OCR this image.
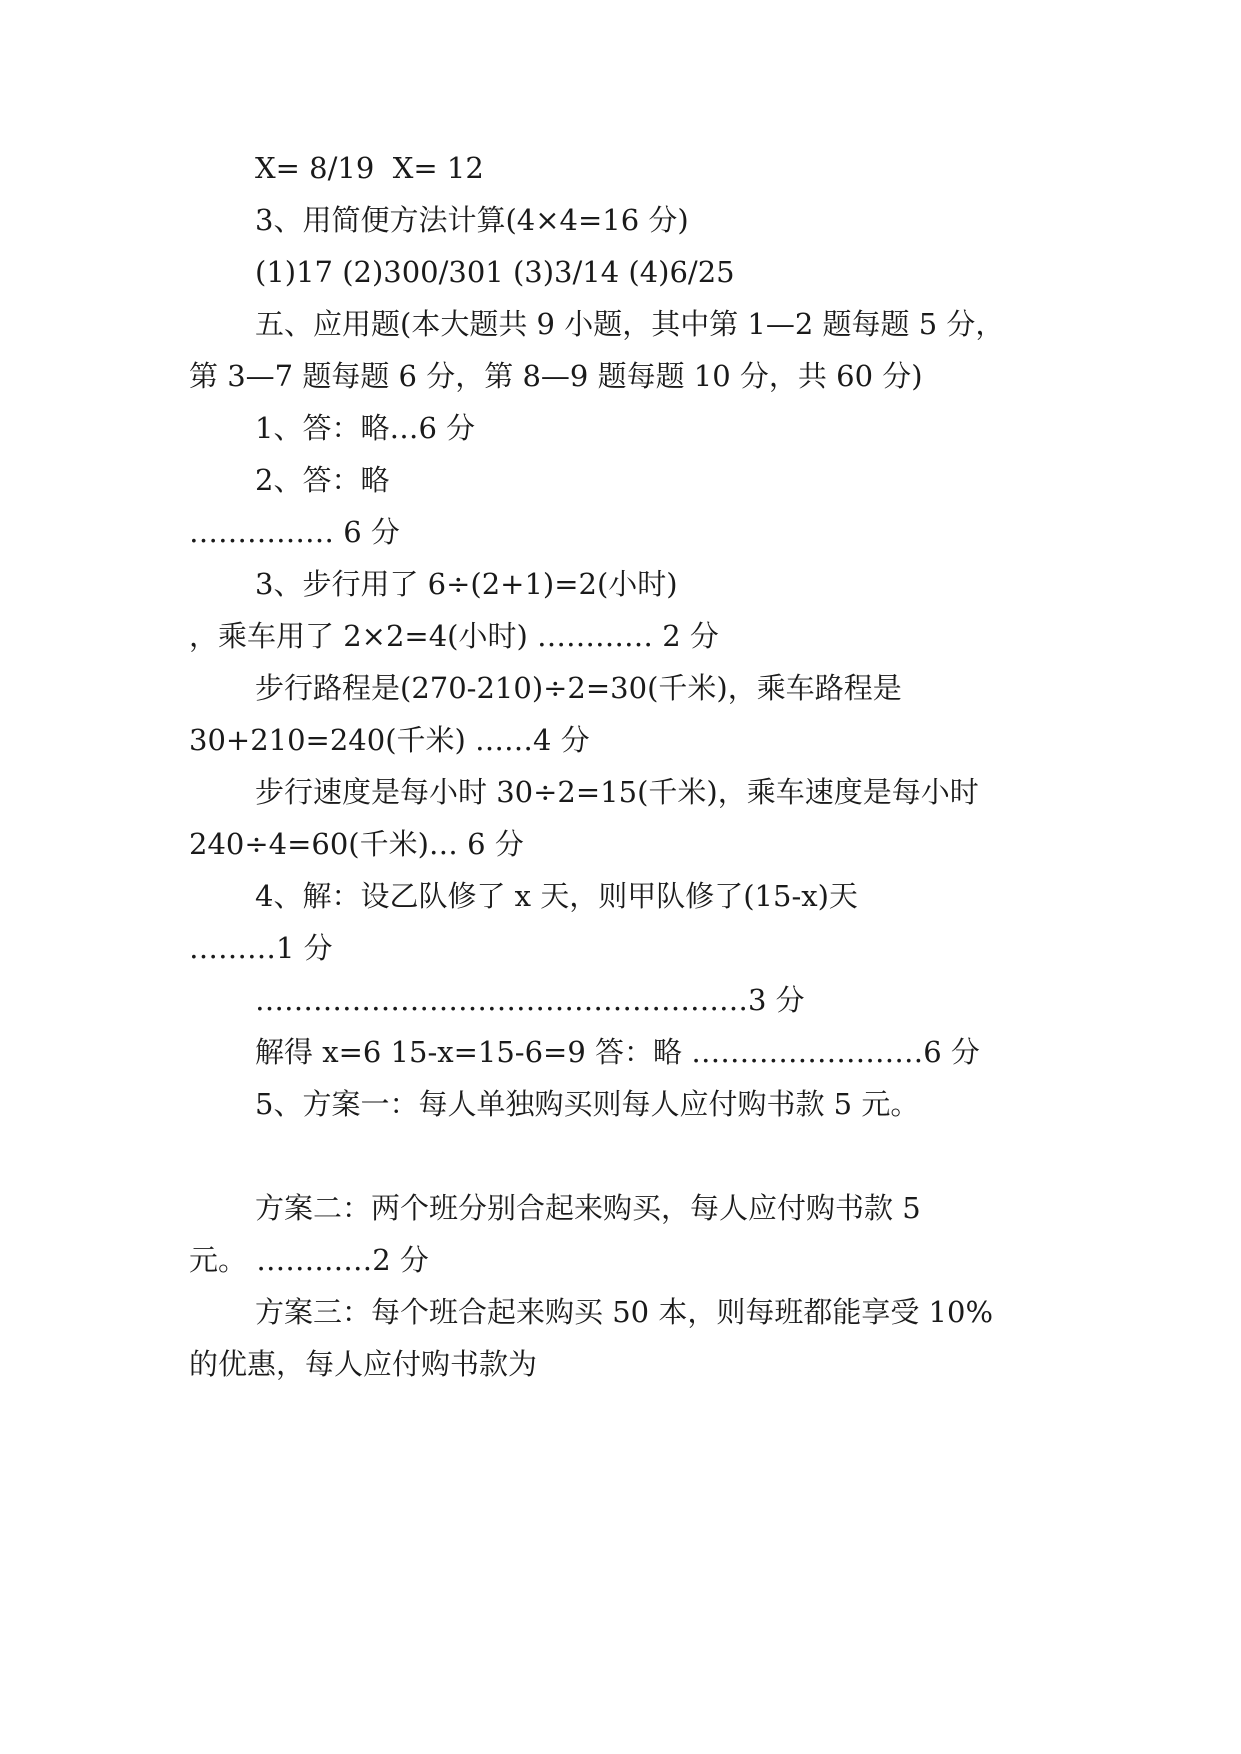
X= 8/19  X= 12
3、用简便方法计算(4×4=16 分)
(1)17 (2)300/301 (3)3/14 (4)6/25
五、应用题(本大题共 9 小题，其中第 1—2 题每题 5 分，
第 3—7 题每题 6 分，第 8—9 题每题 10 分，共 60 分)
1、答：略…6 分
2、答：略
…………… 6 分
3、步行用了 6÷(2+1)=2(小时)
，乘车用了 2×2=4(小时) ………… 2 分
步行路程是(270-210)÷2=30(千米)，乘车路程是
30+210=240(千米) ……4 分
步行速度是每小时 30÷2=15(千米)，乘车速度是每小时
240÷4=60(千米)… 6 分
4、解：设乙队修了 x 天，则甲队修了(15-x)天
………1 分
……………………………………………3 分
解得 x=6 15-x=15-6=9 答：略 ……………………6 分
5、方案一：每人单独购买则每人应付购书款 5 元。
方案二：两个班分别合起来购买，每人应付购书款 5
元。 …………2 分
方案三：每个班合起来购买 50 本，则每班都能享受 10%
的优惠，每人应付购书款为
